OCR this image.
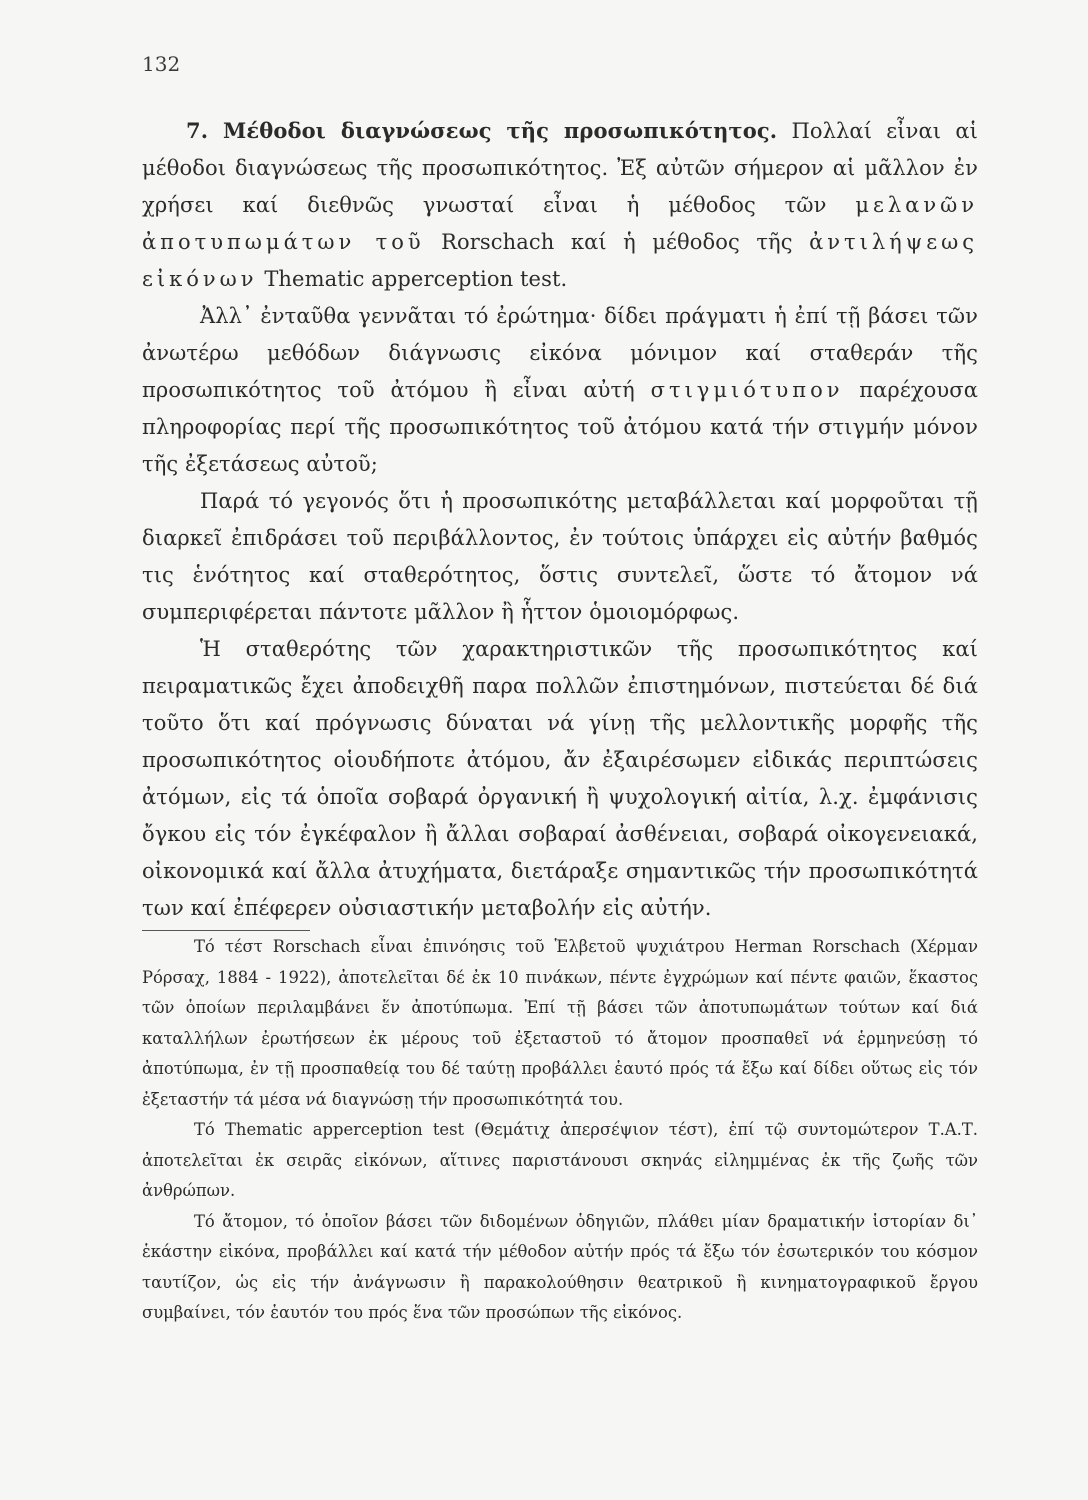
132

7. Μέθοδοι διαγνώσεως τῆς προσωπικότητος. Πολλαί εἶναι αἱ μέθοδοι διαγνώσεως τῆς προσωπικότητος. Ἐξ αὐτῶν σήμερον αἱ μᾶλλον ἐν χρήσει καί διεθνῶς γνωσταί εἶναι ἡ μέθοδος τῶν μελανῶν ἀποτυπωμάτων τοῦ Rorschach καί ἡ μέθοδος τῆς ἀντιλήψεως εἰκόνων Thematic apperception test.

Ἀλλ᾿ ἐνταῦθα γεννᾶται τό ἐρώτημα· δίδει πράγματι ἡ ἐπί τῇ βάσει τῶν ἀνωτέρω μεθόδων διάγνωσις εἰκόνα μόνιμον καί σταθεράν τῆς προσωπικότητος τοῦ ἀτόμου ἢ εἶναι αὐτή στιγμιότυπον παρέχουσα πληροφορίας περί τῆς προσωπικότητος τοῦ ἀτόμου κατά τήν στιγμήν μόνον τῆς ἐξετάσεως αὐτοῦ;

Παρά τό γεγονός ὅτι ἡ προσωπικότης μεταβάλλεται καί μορφοῦται τῇ διαρκεῖ ἐπιδράσει τοῦ περιβάλλοντος, ἐν τούτοις ὑπάρχει εἰς αὐτήν βαθμός τις ἑνότητος καί σταθερότητος, ὅστις συντελεῖ, ὥστε τό ἄτομον νά συμπεριφέρεται πάντοτε μᾶλλον ἢ ἧττον ὁμοιομόρφως.

Ἡ σταθερότης τῶν χαρακτηριστικῶν τῆς προσωπικότητος καί πειραματικῶς ἔχει ἀποδειχθῆ παρα πολλῶν ἐπιστημόνων, πιστεύεται δέ διά τοῦτο ὅτι καί πρόγνωσις δύναται νά γίνῃ τῆς μελλοντικῆς μορφῆς τῆς προσωπικότητος οἱουδήποτε ἀτόμου, ἄν ἐξαιρέσωμεν εἰδικάς περιπτώσεις ἀτόμων, εἰς τά ὁποῖα σοβαρά ὀργανική ἢ ψυχολογική αἰτία, λ.χ. ἐμφάνισις ὄγκου εἰς τόν ἐγκέφαλον ἢ ἄλλαι σοβαραί ἀσθένειαι, σοβαρά οἰκογενειακά, οἰκονομικά καί ἄλλα ἀτυχήματα, διετάραξε σημαντικῶς τήν προσωπικότητά των καί ἐπέφερεν οὐσιαστικήν μεταβολήν εἰς αὐτήν.

Τό τέστ Rorschach εἶναι ἐπινόησις τοῦ Ἑλβετοῦ ψυχιάτρου Herman Rorschach (Χέρμαν Ρόρσαχ, 1884 - 1922), ἀποτελεῖται δέ ἐκ 10 πινάκων, πέντε ἐγχρώμων καί πέντε φαιῶν, ἕκαστος τῶν ὁποίων περιλαμβάνει ἕν ἀποτύπωμα. Ἐπί τῇ βάσει τῶν ἀποτυπωμάτων τούτων καί διά καταλλήλων ἐρωτήσεων ἐκ μέρους τοῦ ἐξεταστοῦ τό ἄτομον προσπαθεῖ νά ἑρμηνεύσῃ τό ἀποτύπωμα, ἐν τῇ προσπαθείᾳ του δέ ταύτῃ προβάλλει ἑαυτό πρός τά ἔξω καί δίδει οὕτως εἰς τόν ἐξεταστήν τά μέσα νά διαγνώσῃ τήν προσωπικότητά του.

Τό Thematic apperception test (Θεμάτιχ ἀπερσέψιον τέστ), ἐπί τῷ συντομώτερον Τ.Α.Τ. ἀποτελεῖται ἐκ σειρᾶς εἰκόνων, αἵτινες παριστάνουσι σκηνάς εἰλημμένας ἐκ τῆς ζωῆς τῶν ἀνθρώπων.

Τό ἄτομον, τό ὁποῖον βάσει τῶν διδομένων ὁδηγιῶν, πλάθει μίαν δραματικήν ἱστορίαν δι᾿ ἑκάστην εἰκόνα, προβάλλει καί κατά τήν μέθοδον αὐτήν πρός τά ἔξω τόν ἐσωτερικόν του κόσμον ταυτίζον, ὡς εἰς τήν ἀνάγνωσιν ἢ παρακολούθησιν θεατρικοῦ ἢ κινηματογραφικοῦ ἔργου συμβαίνει, τόν ἑαυτόν του πρός ἕνα τῶν προσώπων τῆς εἰκόνος.
